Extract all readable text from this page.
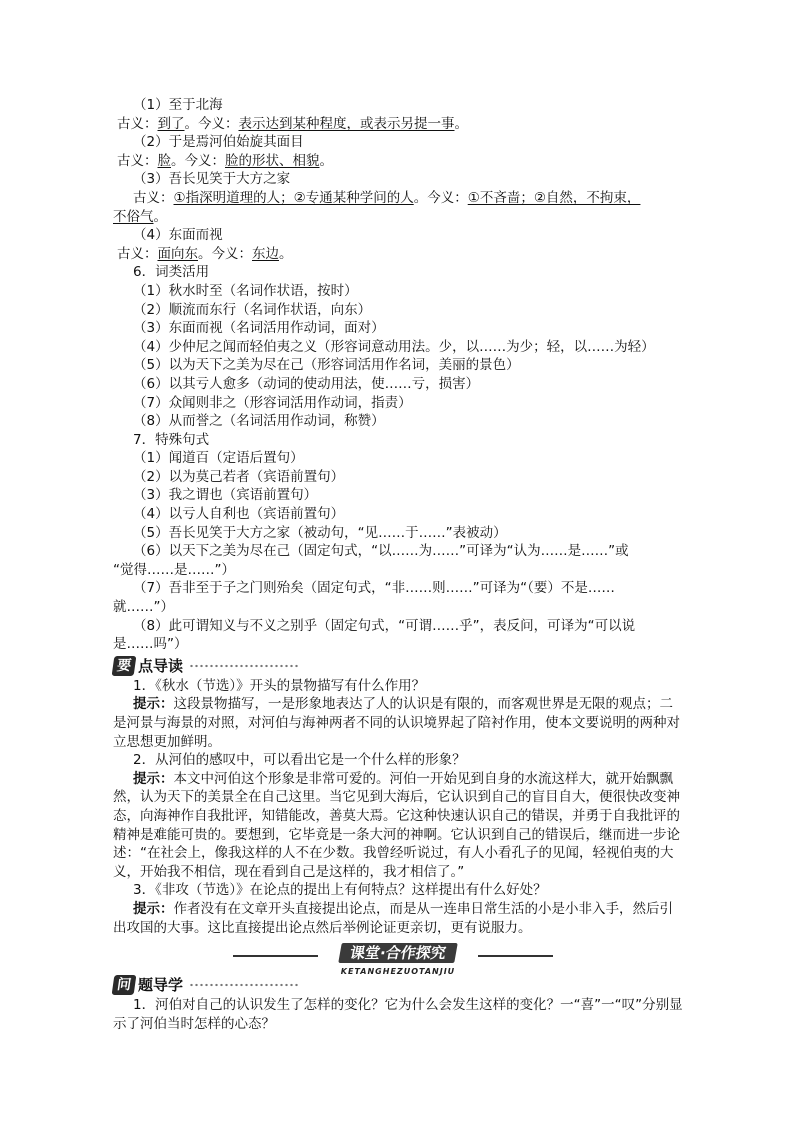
（1）至于北海
古义：到了。今义：表示达到某种程度，或表示另提一事。
（2）于是焉河伯始旋其面目
古义：脸。今义：脸的形状、相貌。
（3）吾长见笑于大方之家
古义：①指深明道理的人；②专通某种学问的人。今义：①不吝啬；②自然，不拘束，
不俗气。
（4）东面而视
古义：面向东。今义：东边。
6．词类活用
（1）秋水时至（名词作状语，按时）
（2）顺流而东行（名词作状语，向东）
（3）东面而视（名词活用作动词，面对）
（4）少仲尼之闻而轻伯夷之义（形容词意动用法。少，以……为少；轻，以……为轻）
（5）以为天下之美为尽在己（形容词活用作名词，美丽的景色）
（6）以其亏人愈多（动词的使动用法，使……亏，损害）
（7）众闻则非之（形容词活用作动词，指责）
（8）从而誉之（名词活用作动词，称赞）
7．特殊句式
（1）闻道百（定语后置句）
（2）以为莫己若者（宾语前置句）
（3）我之谓也（宾语前置句）
（4）以亏人自利也（宾语前置句）
（5）吾长见笑于大方之家（被动句，“见……于……”表被动）
（6）以天下之美为尽在己（固定句式，“以……为……”可译为“认为……是……”或
“觉得……是……”）
（7）吾非至于子之门则殆矣（固定句式，“非……则……”可译为“（要）不是……
就……”）
（8）此可谓知义与不义之别乎（固定句式，“可谓……乎”，表反问，可译为“可以说
是……吗”）
要 点导读
1．《秋水（节选）》开头的景物描写有什么作用？
提示：这段景物描写，一是形象地表达了人的认识是有限的，而客观世界是无限的观点；二是河景与海景的对照，对河伯与海神两者不同的认识境界起了陪衬作用，使本文要说明的两种对立思想更加鲜明。
2．从河伯的感叹中，可以看出它是一个什么样的形象？
提示：本文中河伯这个形象是非常可爱的。河伯一开始见到自身的水流这样大，就开始飘飘然，认为天下的美景全在自己这里。当它见到大海后，它认识到自己的盲目自大，便很快改变神态，向海神作自我批评，知错能改，善莫大焉。它这种快速认识自己的错误，并勇于自我批评的精神是难能可贵的。要想到，它毕竟是一条大河的神啊。它认识到自己的错误后，继而进一步论述：“在社会上，像我这样的人不在少数。我曾经听说过，有人小看孔子的见闻，轻视伯夷的大义，开始我不相信，现在看到自己是这样的，我才相信了。”
3．《非攻（节选）》在论点的提出上有何特点？这样提出有什么好处？
提示：作者没有在文章开头直接提出论点，而是从一连串日常生活的小是小非入手，然后引出攻国的大事。这比直接提出论点然后举例论证更亲切，更有说服力。
课堂·合作探究
KETANGHEZUOTANJIU
问 题导学
1．河伯对自己的认识发生了怎样的变化？它为什么会发生这样的变化？一“喜”一“叹”分别显示了河伯当时怎样的心态？
